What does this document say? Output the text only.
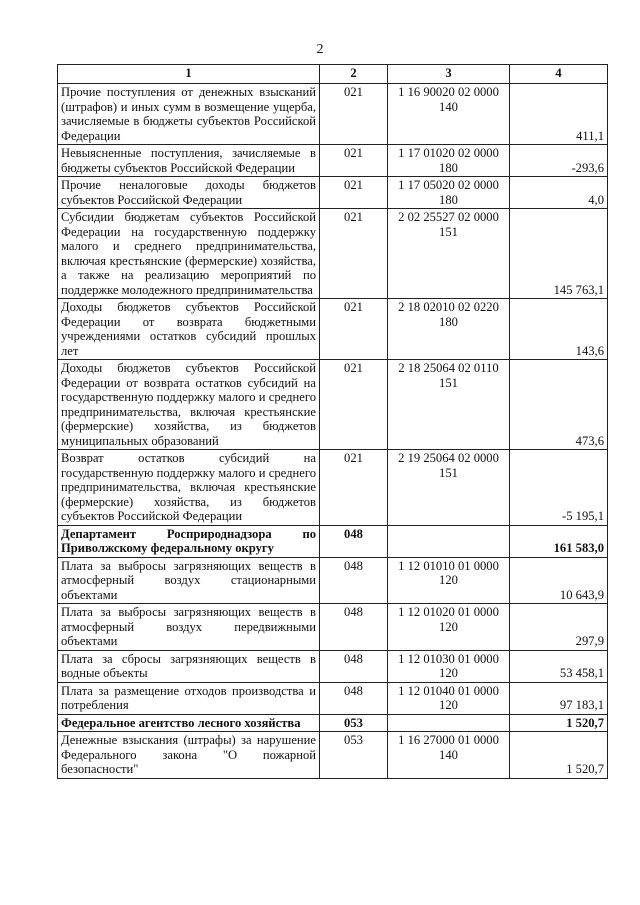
2
1	2	3	4
Прочие поступления от денежных взысканий (штрафов) и иных сумм в возмещение ущерба, зачисляемые в бюджеты субъектов Российской Федерации	021	1 16 90020 02 0000 140	411,1
Невыясненные поступления, зачисляемые в бюджеты субъектов Российской Федерации	021	1 17 01020 02 0000 180	-293,6
Прочие неналоговые доходы бюджетов субъектов Российской Федерации	021	1 17 05020 02 0000 180	4,0
Субсидии бюджетам субъектов Российской Федерации на государственную поддержку малого и среднего предпринимательства, включая крестьянские (фермерские) хозяйства, а также на реализацию мероприятий по поддержке молодежного предпринимательства	021	2 02 25527 02 0000 151	145 763,1
Доходы бюджетов субъектов Российской Федерации от возврата бюджетными учреждениями остатков субсидий прошлых лет	021	2 18 02010 02 0220 180	143,6
Доходы бюджетов субъектов Российской Федерации от возврата остатков субсидий на государственную поддержку малого и среднего предпринимательства, включая крестьянские (фермерские) хозяйства, из бюджетов муниципальных образований	021	2 18 25064 02 0110 151	473,6
Возврат остатков субсидий на государственную поддержку малого и среднего предпринимательства, включая крестьянские (фермерские) хозяйства, из бюджетов субъектов Российской Федерации	021	2 19 25064 02 0000 151	-5 195,1
Департамент Росприроднадзора по Приволжскому федеральному округу	048		161 583,0
Плата за выбросы загрязняющих веществ в атмосферный воздух стационарными объектами	048	1 12 01010 01 0000 120	10 643,9
Плата за выбросы загрязняющих веществ в атмосферный воздух передвижными объектами	048	1 12 01020 01 0000 120	297,9
Плата за сбросы загрязняющих веществ в водные объекты	048	1 12 01030 01 0000 120	53 458,1
Плата за размещение отходов производства и потребления	048	1 12 01040 01 0000 120	97 183,1
Федеральное агентство лесного хозяйства	053		1 520,7
Денежные взыскания (штрафы) за нарушение Федерального закона "О пожарной безопасности"	053	1 16 27000 01 0000 140	1 520,7
